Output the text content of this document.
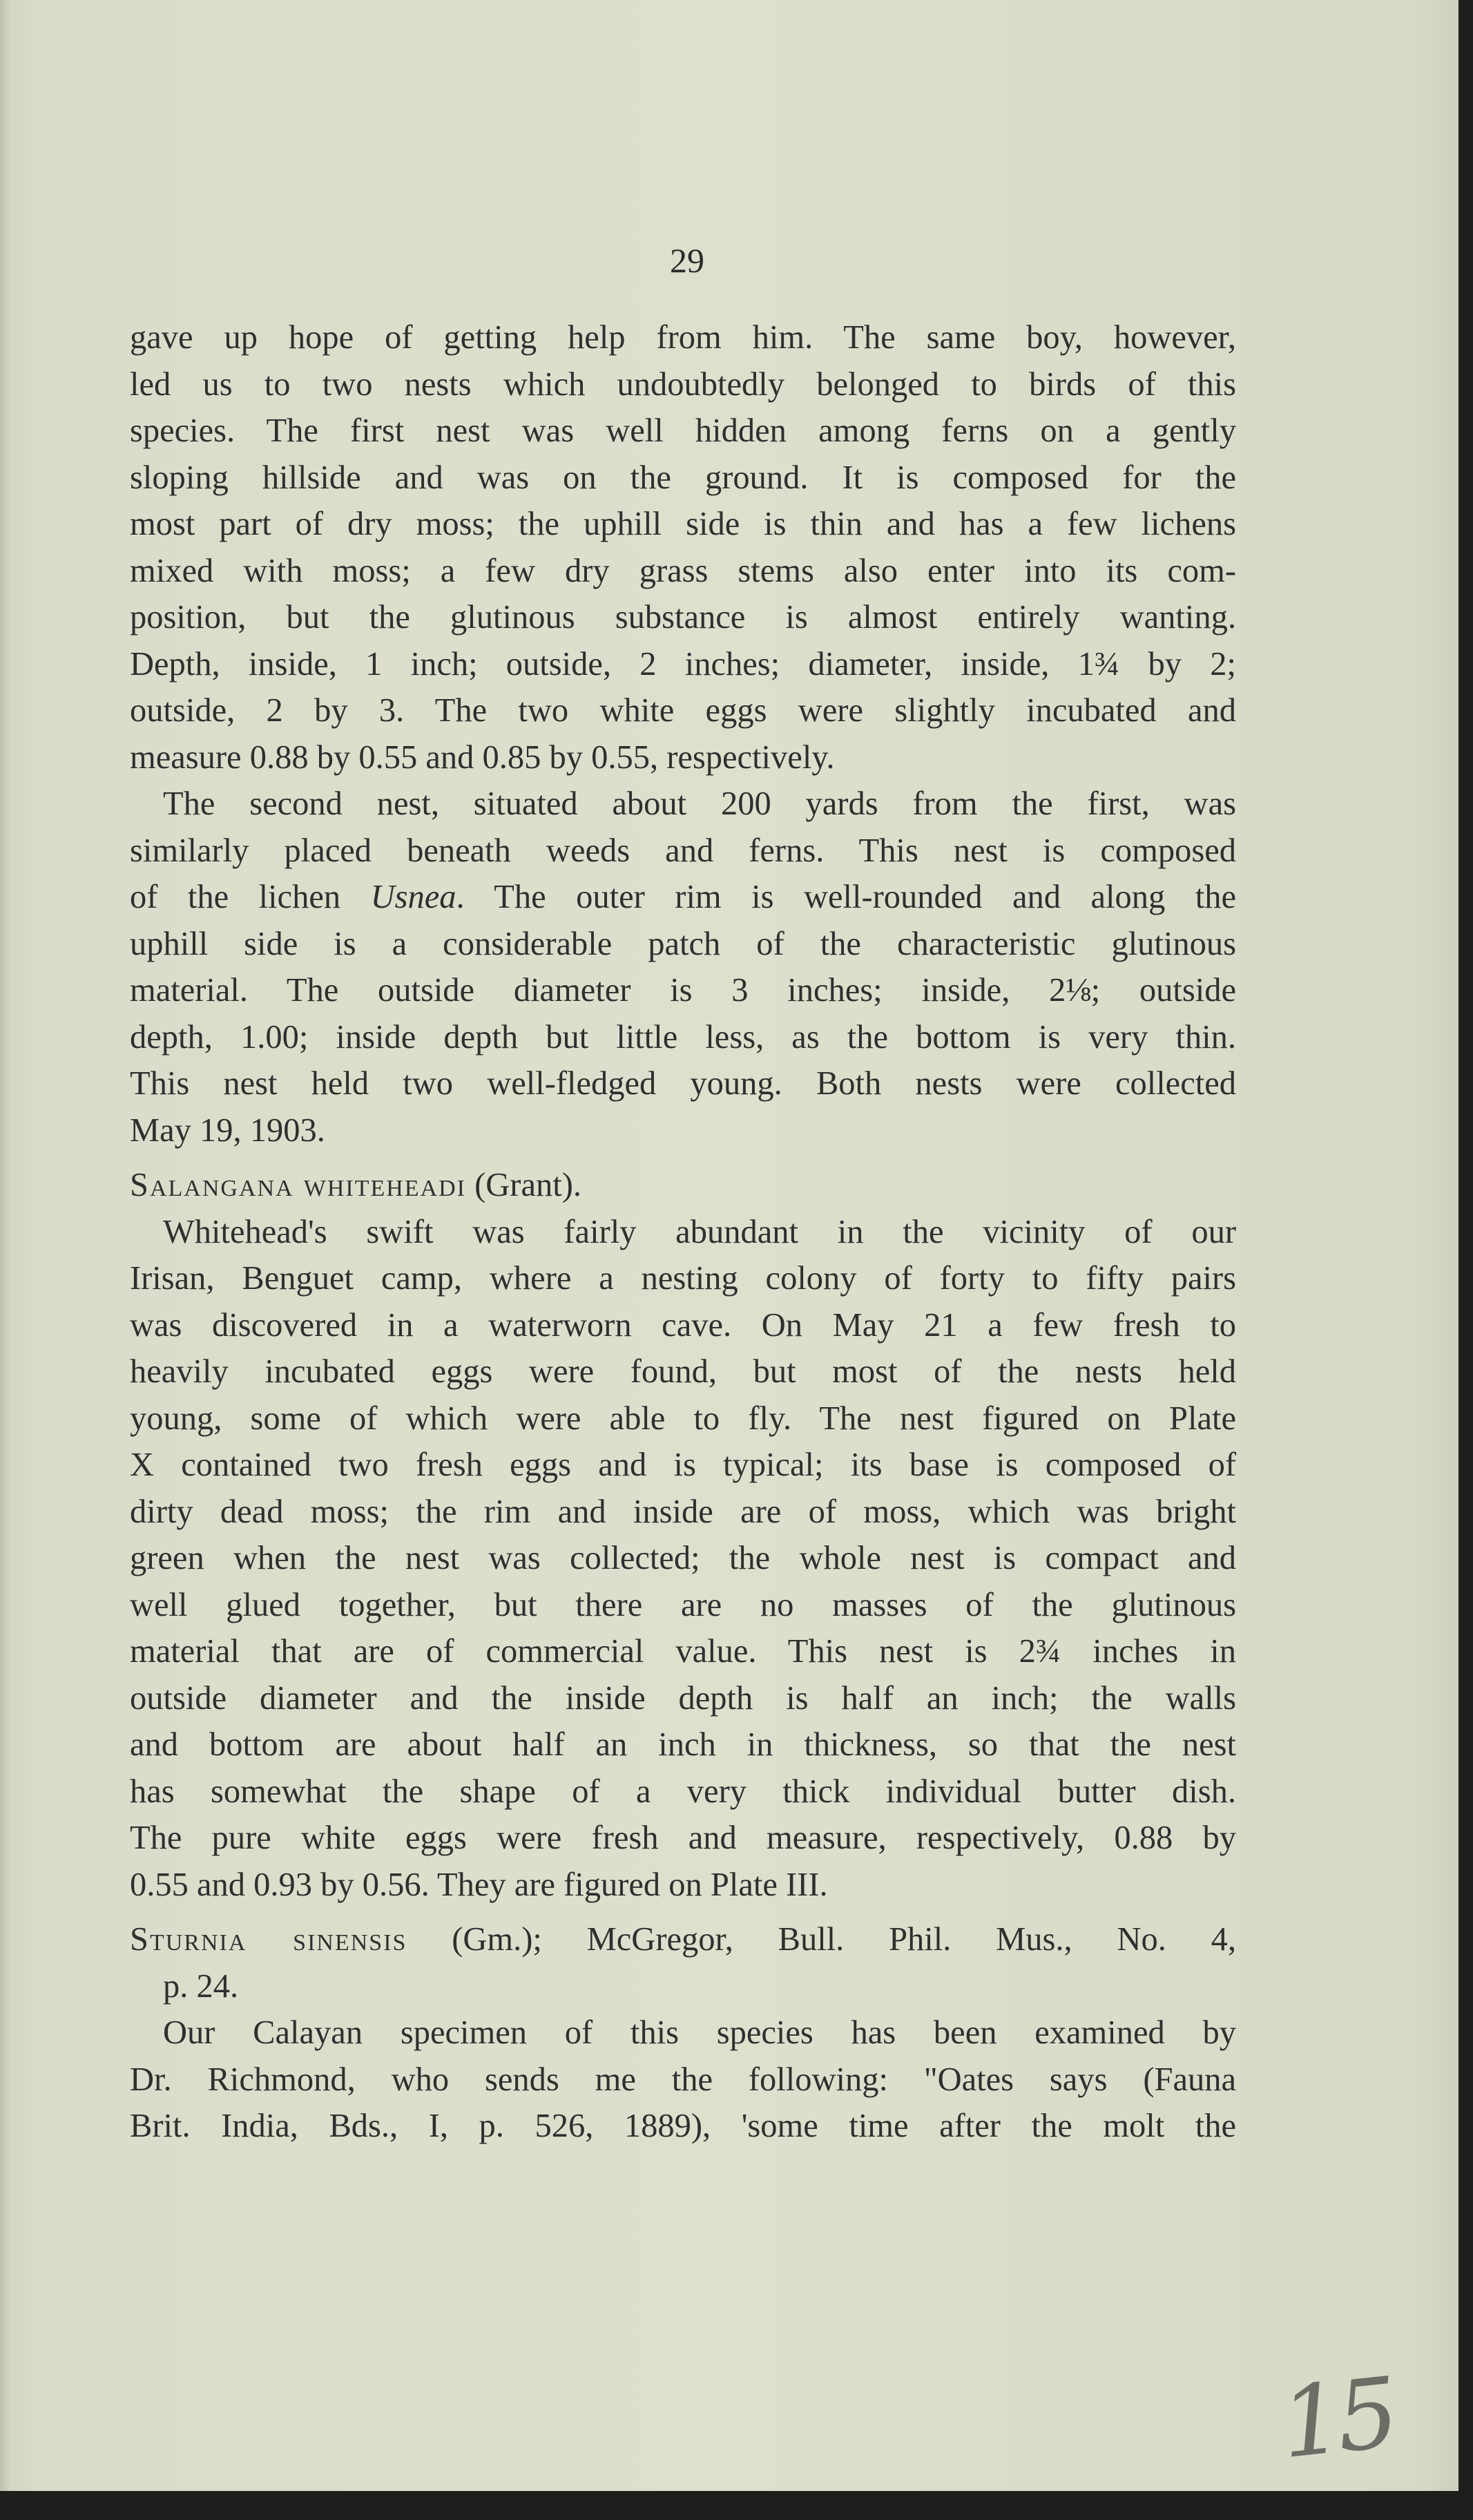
29

gave up hope of getting help from him. The same boy, however,

led us to two nests which undoubtedly belonged to birds of this

species. The first nest was well hidden among ferns on a gently

sloping hillside and was on the ground. It is composed for the

most part of dry moss; the uphill side is thin and has a few lichens

mixed with moss; a few dry grass stems also enter into its com-

position, but the glutinous substance is almost entirely wanting.

Depth, inside, 1 inch; outside, 2 inches; diameter, inside, 1¾ by 2;

outside, 2 by 3. The two white eggs were slightly incubated and

measure 0.88 by 0.55 and 0.85 by 0.55, respectively.

The second nest, situated about 200 yards from the first, was

similarly placed beneath weeds and ferns. This nest is composed

of the lichen Usnea. The outer rim is well-rounded and along the

uphill side is a considerable patch of the characteristic glutinous

material. The outside diameter is 3 inches; inside, 2⅛; outside

depth, 1.00; inside depth but little less, as the bottom is very thin.

This nest held two well-fledged young. Both nests were collected

May 19, 1903.

Salangana whiteheadi (Grant).

Whitehead's swift was fairly abundant in the vicinity of our

Irisan, Benguet camp, where a nesting colony of forty to fifty pairs

was discovered in a waterworn cave. On May 21 a few fresh to

heavily incubated eggs were found, but most of the nests held

young, some of which were able to fly. The nest figured on Plate

X contained two fresh eggs and is typical; its base is composed of

dirty dead moss; the rim and inside are of moss, which was bright

green when the nest was collected; the whole nest is compact and

well glued together, but there are no masses of the glutinous

material that are of commercial value. This nest is 2¾ inches in

outside diameter and the inside depth is half an inch; the walls

and bottom are about half an inch in thickness, so that the nest

has somewhat the shape of a very thick individual butter dish.

The pure white eggs were fresh and measure, respectively, 0.88 by

0.55 and 0.93 by 0.56. They are figured on Plate III.

Sturnia sinensis (Gm.); McGregor, Bull. Phil. Mus., No. 4,

p. 24.

Our Calayan specimen of this species has been examined by

Dr. Richmond, who sends me the following: "Oates says (Fauna

Brit. India, Bds., I, p. 526, 1889), 'some time after the molt the

15
